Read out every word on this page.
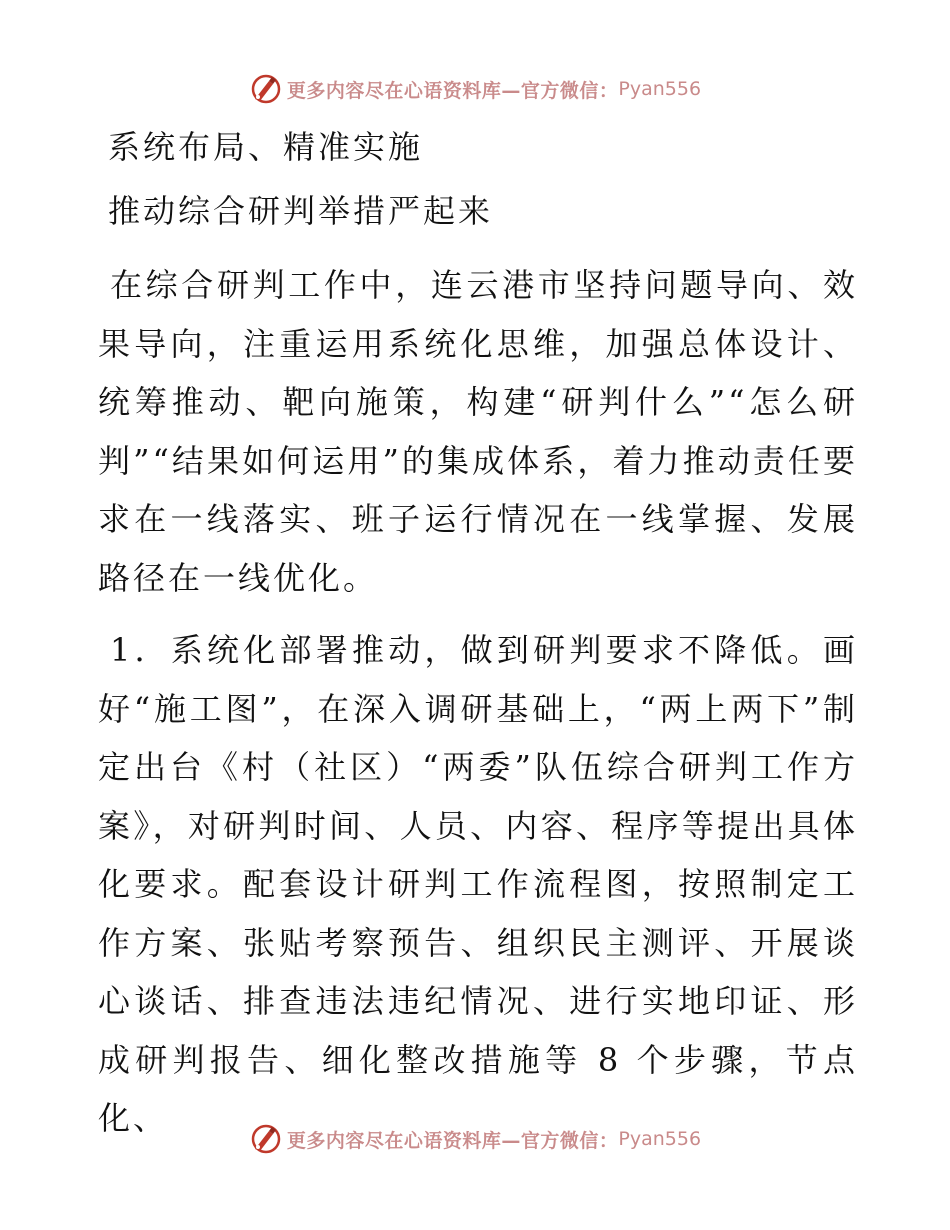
更多内容尽在心语资料库—官方微信： Pyan556
系统布局、精准实施
推动综合研判举措严起来

在综合研判工作中，连云港市坚持问题导向、效果导向，注重运用系统化思维，加强总体设计、统筹推动、靶向施策，构建“研判什么”“怎么研判”“结果如何运用”的集成体系，着力推动责任要求在一线落实、班子运行情况在一线掌握、发展路径在一线优化。

1．系统化部署推动，做到研判要求不降低。画好“施工图”，在深入调研基础上，“两上两下”制定出台《村（社区）“两委”队伍综合研判工作方案》，对研判时间、人员、内容、程序等提出具体化要求。配套设计研判工作流程图，按照制定工作方案、张贴考察预告、组织民主测评、开展谈心谈话、排查违法违纪情况、进行实地印证、形成研判报告、细化整改措施等 8 个步骤，节点化、

更多内容尽在心语资料库—官方微信： Pyan556
